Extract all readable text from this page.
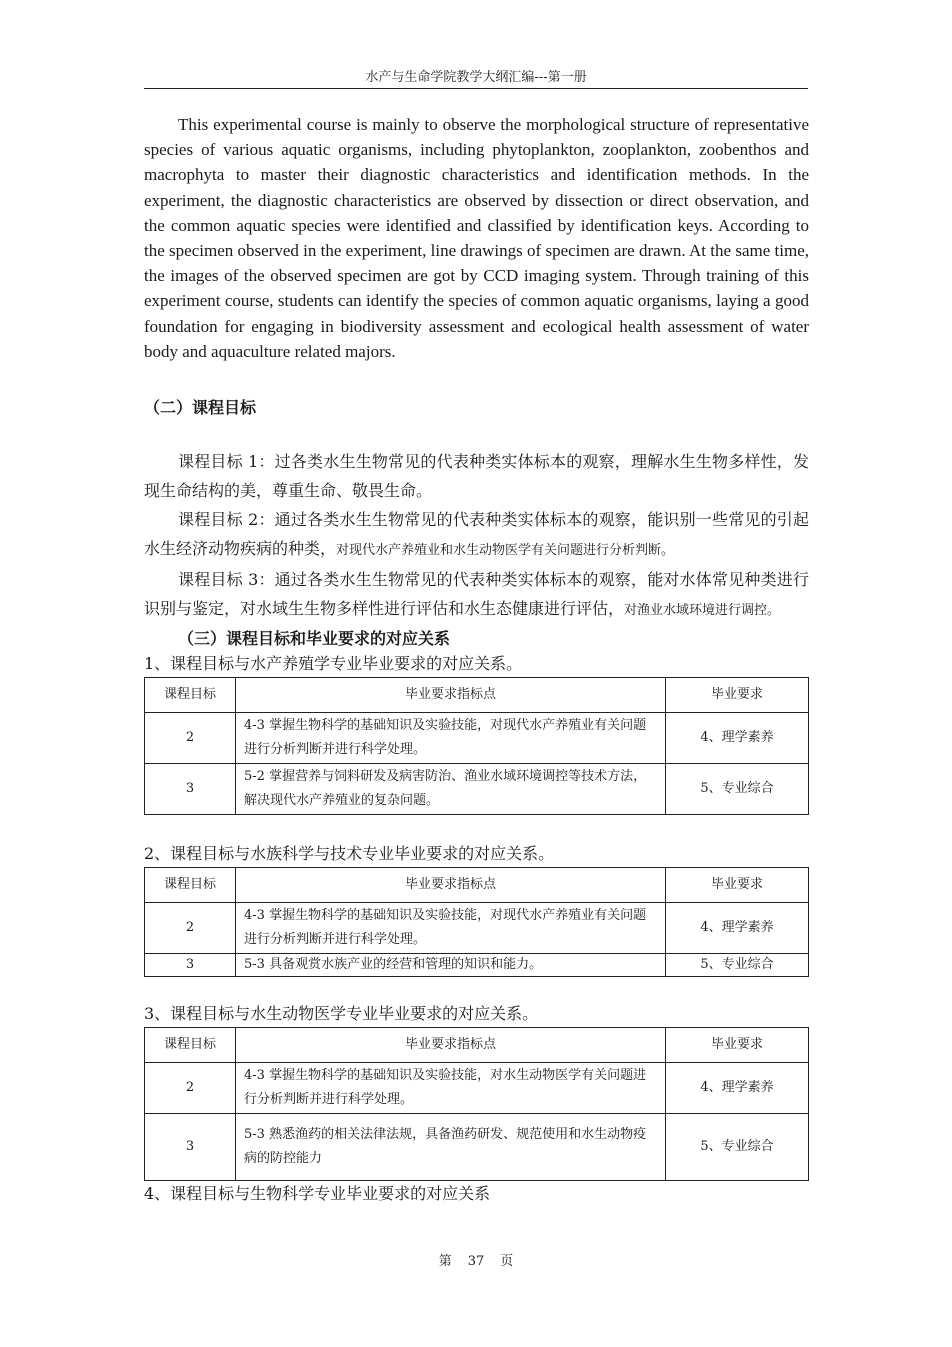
水产与生命学院教学大纲汇编---第一册

This experimental course is mainly to observe the morphological structure of representative species of various aquatic organisms, including phytoplankton, zooplankton, zoobenthos and macrophyta to master their diagnostic characteristics and identification methods. In the experiment, the diagnostic characteristics are observed by dissection or direct observation, and the common aquatic species were identified and classified by identification keys. According to the specimen observed in the experiment, line drawings of specimen are drawn. At the same time, the images of the observed specimen are got by CCD imaging system. Through training of this experiment course, students can identify the species of common aquatic organisms, laying a good foundation for engaging in biodiversity assessment and ecological health assessment of water body and aquaculture related majors.

（二）课程目标

课程目标 1：过各类水生生物常见的代表种类实体标本的观察，理解水生生物多样性，发现生命结构的美，尊重生命、敬畏生命。

课程目标 2：通过各类水生生物常见的代表种类实体标本的观察，能识别一些常见的引起水生经济动物疾病的种类，对现代水产养殖业和水生动物医学有关问题进行分析判断。

课程目标 3：通过各类水生生物常见的代表种类实体标本的观察，能对水体常见种类进行识别与鉴定，对水域生生物多样性进行评估和水生态健康进行评估，对渔业水域环境进行调控。

（三）课程目标和毕业要求的对应关系

1、课程目标与水产养殖学专业毕业要求的对应关系。

课程目标	毕业要求指标点	毕业要求
2	4-3 掌握生物科学的基础知识及实验技能，对现代水产养殖业有关问题进行分析判断并进行科学处理。	4、理学素养
3	5-2 掌握营养与饲料研发及病害防治、渔业水域环境调控等技术方法，解决现代水产养殖业的复杂问题。	5、专业综合

2、课程目标与水族科学与技术专业毕业要求的对应关系。

课程目标	毕业要求指标点	毕业要求
2	4-3 掌握生物科学的基础知识及实验技能，对现代水产养殖业有关问题进行分析判断并进行科学处理。	4、理学素养
3	5-3 具备观赏水族产业的经营和管理的知识和能力。	5、专业综合

3、课程目标与水生动物医学专业毕业要求的对应关系。

课程目标	毕业要求指标点	毕业要求
2	4-3 掌握生物科学的基础知识及实验技能，对水生动物医学有关问题进行分析判断并进行科学处理。	4、理学素养
3	5-3 熟悉渔药的相关法律法规，具备渔药研发、规范使用和水生动物疫病的防控能力	5、专业综合

4、课程目标与生物科学专业毕业要求的对应关系

第 37 页
